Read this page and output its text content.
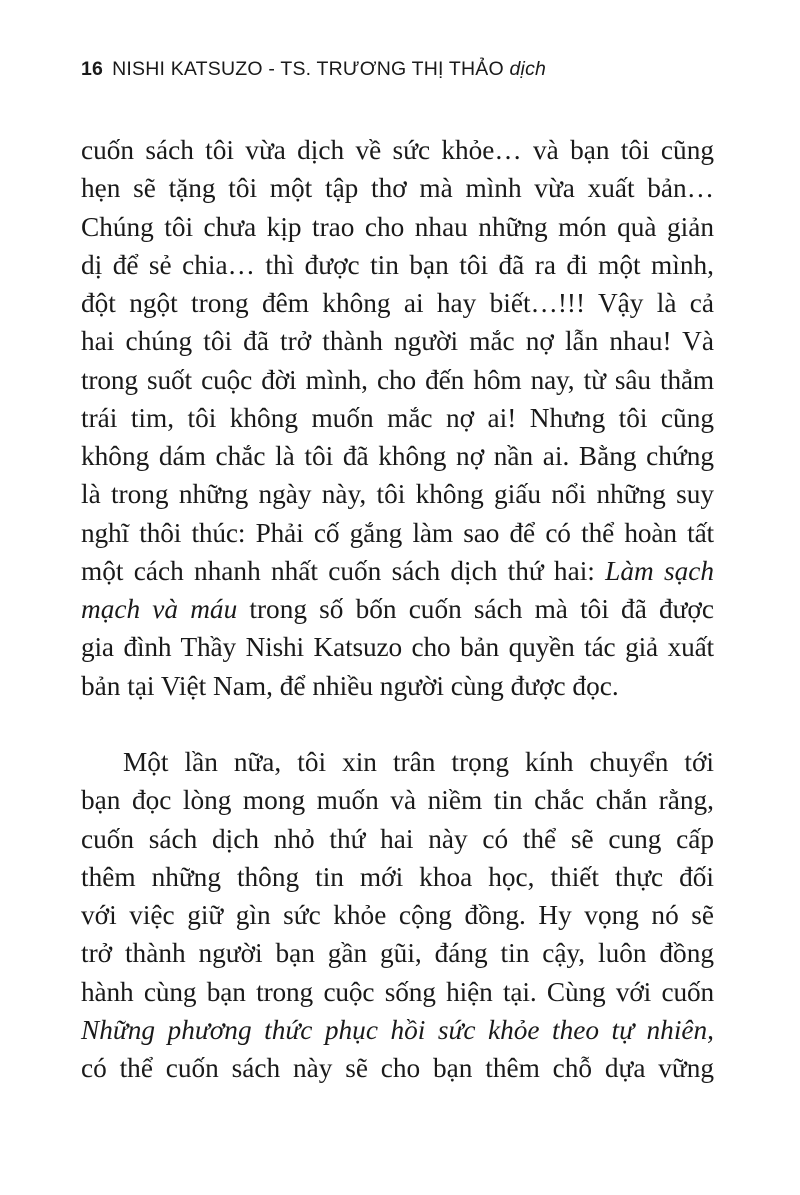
16 NISHI KATSUZO - TS. TRƯƠNG THỊ THẢO dịch
cuốn sách tôi vừa dịch về sức khỏe… và bạn tôi cũng
hẹn sẽ tặng tôi một tập thơ mà mình vừa xuất bản…
Chúng tôi chưa kịp trao cho nhau những món quà giản
dị để sẻ chia… thì được tin bạn tôi đã ra đi một mình,
đột ngột trong đêm không ai hay biết…!!! Vậy là cả
hai chúng tôi đã trở thành người mắc nợ lẫn nhau! Và
trong suốt cuộc đời mình, cho đến hôm nay, từ sâu thẳm
trái tim, tôi không muốn mắc nợ ai! Nhưng tôi cũng
không dám chắc là tôi đã không nợ nần ai. Bằng chứng
là trong những ngày này, tôi không giấu nổi những suy
nghĩ thôi thúc: Phải cố gắng làm sao để có thể hoàn tất
một cách nhanh nhất cuốn sách dịch thứ hai: Làm sạch
mạch và máu trong số bốn cuốn sách mà tôi đã được
gia đình Thầy Nishi Katsuzo cho bản quyền tác giả xuất
bản tại Việt Nam, để nhiều người cùng được đọc.
Một lần nữa, tôi xin trân trọng kính chuyển tới
bạn đọc lòng mong muốn và niềm tin chắc chắn rằng,
cuốn sách dịch nhỏ thứ hai này có thể sẽ cung cấp
thêm những thông tin mới khoa học, thiết thực đối
với việc giữ gìn sức khỏe cộng đồng. Hy vọng nó sẽ
trở thành người bạn gần gũi, đáng tin cậy, luôn đồng
hành cùng bạn trong cuộc sống hiện tại. Cùng với cuốn
Những phương thức phục hồi sức khỏe theo tự nhiên,
có thể cuốn sách này sẽ cho bạn thêm chỗ dựa vững
